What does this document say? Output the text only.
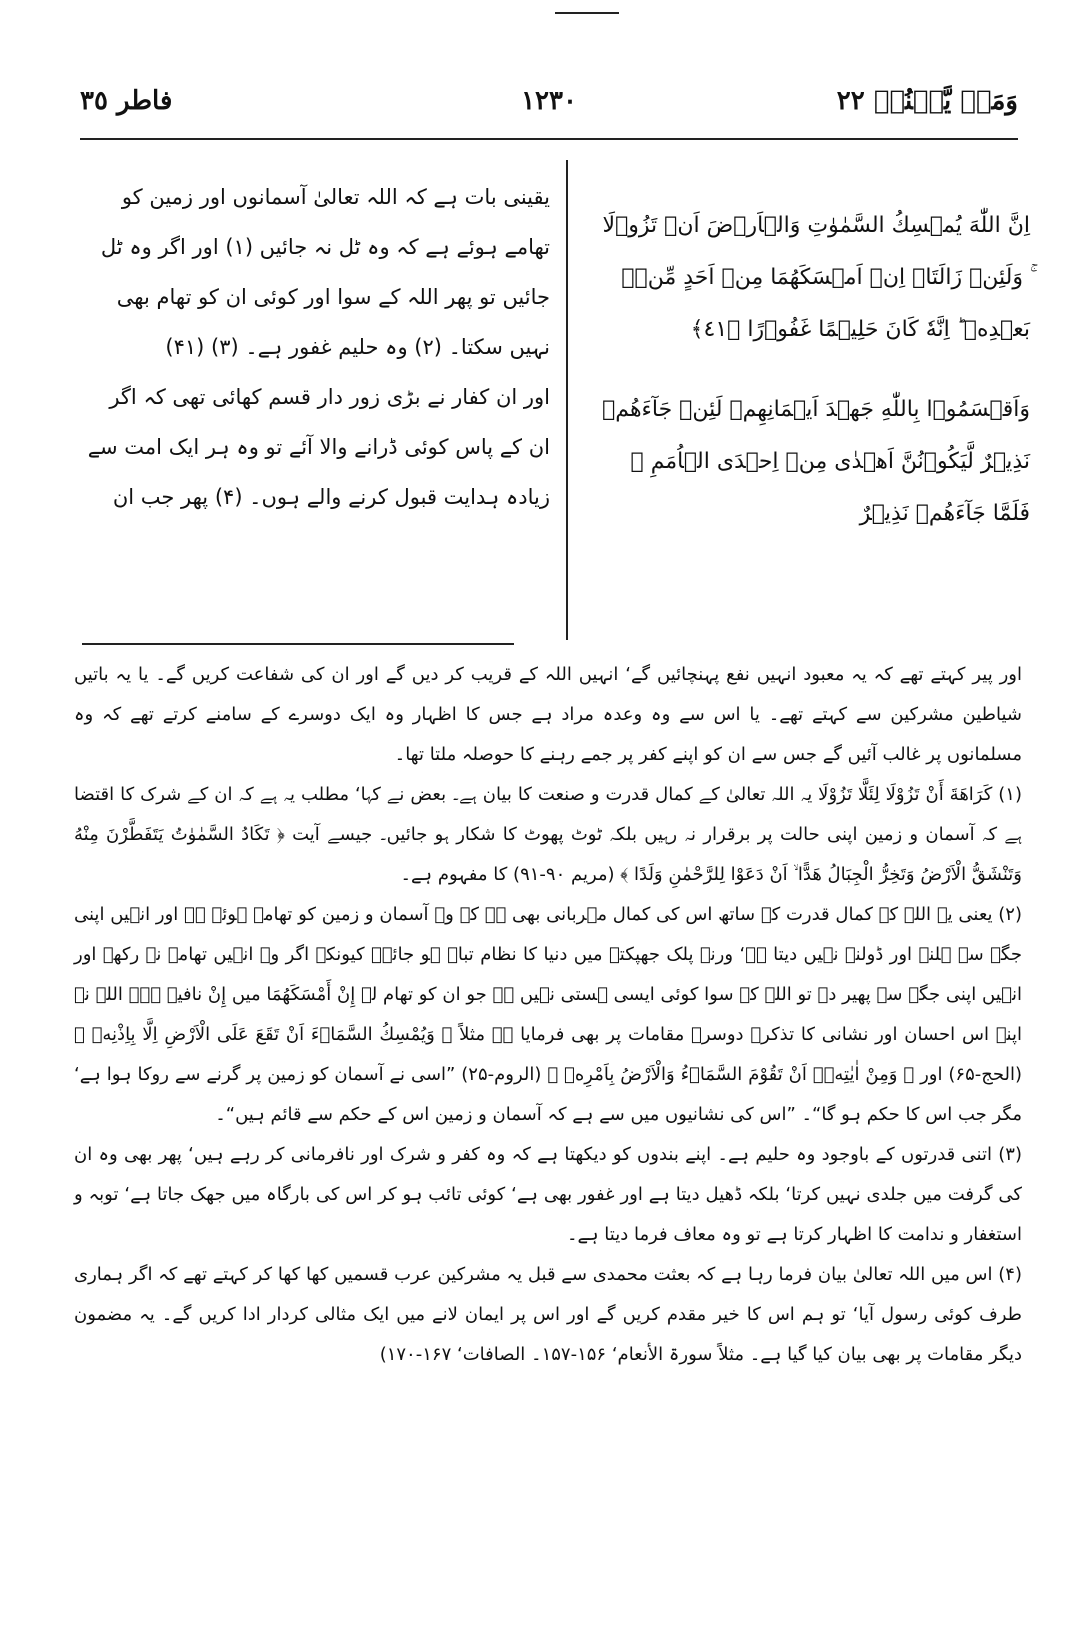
وَمَنۡ يَّقۡنُتۡ ٢٢
١٢٣٠
فاطر ٣٥

اِنَّ اللّٰهَ يُمۡسِكُ السَّمٰوٰتِ وَالۡاَرۡضَ اَنۡ تَزُوۡلَا ۚ وَلَئِنۡ زَالَتَاۤ اِنۡ اَمۡسَكَهُمَا مِنۡ اَحَدٍ مِّنۡۢ بَعۡدِهٖ ؕ اِنَّهٗ كَانَ حَلِيۡمًا غَفُوۡرًا ﴿٤١﴾

وَاَقۡسَمُوۡا بِاللّٰهِ جَهۡدَ اَيۡمَانِهِمۡ لَئِنۡ جَآءَهُمۡ نَذِيۡرٌ لَّيَكُوۡنُنَّ اَهۡدٰى مِنۡ اِحۡدَى الۡاُمَمِ ۚ فَلَمَّا جَآءَهُمۡ نَذِيۡرٌ

یقینی بات ہے کہ اللہ تعالیٰ آسمانوں اور زمین کو تھامے ہوئے ہے کہ وہ ٹل نہ جائیں (۱) اور اگر وہ ٹل جائیں تو پھر اللہ کے سوا اور کوئی ان کو تھام بھی نہیں سکتا۔ (۲) وہ حلیم غفور ہے۔ (۳) (۴۱)

اور ان کفار نے بڑی زور دار قسم کھائی تھی کہ اگر ان کے پاس کوئی ڈرانے والا آئے تو وہ ہر ایک امت سے زیادہ ہدایت قبول کرنے والے ہوں۔ (۴) پھر جب ان

اور پیر کہتے تھے کہ یہ معبود انہیں نفع پہنچائیں گے‘ انہیں اللہ کے قریب کر دیں گے اور ان کی شفاعت کریں گے۔ یا یہ باتیں شیاطین مشرکین سے کہتے تھے۔ یا اس سے وہ وعدہ مراد ہے جس کا اظہار وہ ایک دوسرے کے سامنے کرتے تھے کہ وہ مسلمانوں پر غالب آئیں گے جس سے ان کو اپنے کفر پر جمے رہنے کا حوصلہ ملتا تھا۔

(۱) كَرَاهَةَ أَنْ تَزُوْلَا لِئَلَّا تَزُوْلَا یہ اللہ تعالیٰ کے کمال قدرت و صنعت کا بیان ہے۔ بعض نے کہا‘ مطلب یہ ہے کہ ان کے شرک کا اقتضا ہے کہ آسمان و زمین اپنی حالت پر برقرار نہ رہیں بلکہ ٹوٹ پھوٹ کا شکار ہو جائیں۔ جیسے آیت ﴿ تَكَادُ السَّمٰوٰتُ يَتَفَطَّرْنَ مِنْهُ وَتَنْشَقُّ الْاَرْضُ وَتَخِرُّ الْجِبَالُ هَدًّا ۙ اَنْ دَعَوْا لِلرَّحْمٰنِ وَلَدًا ﴾ (مریم ۹۰-۹۱) کا مفہوم ہے۔

(۲) یعنی یہ اللہ کے کمال قدرت کے ساتھ اس کی کمال مہربانی بھی ہے کہ وہ آسمان و زمین کو تھامے ہوئے ہے اور انہیں اپنی جگہ سے ہلنے اور ڈولنے نہیں دیتا ہے‘ ورنہ پلک جھپکتے میں دنیا کا نظام تباہ ہو جائے۔ کیونکہ اگر وہ انہیں تھامے نہ رکھے اور انہیں اپنی جگہ سے پھیر دے تو اللہ کے سوا کوئی ایسی ہستی نہیں ہے جو ان کو تھام لے إِنْ أَمْسَكَهُمَا میں إِنْ نافیہ ہے۔ اللہ نے اپنے اس احسان اور نشانی کا تذکرہ دوسرے مقامات پر بھی فرمایا ہے مثلاً ﴿ وَيُمْسِكُ السَّمَاۤءَ اَنْ تَقَعَ عَلَى الْاَرْضِ اِلَّا بِاِذْنِهٖ ﴾ (الحج-۶۵) اور ﴿ وَمِنْ اٰيٰتِهٖۤ اَنْ تَقُوْمَ السَّمَاۤءُ وَالْاَرْضُ بِاَمْرِهٖ ﴾ (الروم-۲۵) ”اسی نے آسمان کو زمین پر گرنے سے روکا ہوا ہے‘ مگر جب اس کا حکم ہو گا“۔ ”اس کی نشانیوں میں سے ہے کہ آسمان و زمین اس کے حکم سے قائم ہیں“۔

(۳) اتنی قدرتوں کے باوجود وہ حلیم ہے۔ اپنے بندوں کو دیکھتا ہے کہ وہ کفر و شرک اور نافرمانی کر رہے ہیں‘ پھر بھی وہ ان کی گرفت میں جلدی نہیں کرتا‘ بلکہ ڈھیل دیتا ہے اور غفور بھی ہے‘ کوئی تائب ہو کر اس کی بارگاہ میں جھک جاتا ہے‘ توبہ و استغفار و ندامت کا اظہار کرتا ہے تو وہ معاف فرما دیتا ہے۔

(۴) اس میں اللہ تعالیٰ بیان فرما رہا ہے کہ بعثت محمدی سے قبل یہ مشرکین عرب قسمیں کھا کھا کر کہتے تھے کہ اگر ہماری طرف کوئی رسول آیا‘ تو ہم اس کا خیر مقدم کریں گے اور اس پر ایمان لانے میں ایک مثالی کردار ادا کریں گے۔ یہ مضمون دیگر مقامات پر بھی بیان کیا گیا ہے۔ مثلاً سورۃ الأنعام‘ ۱۵۶-۱۵۷۔ الصافات‘ ۱۶۷-۱۷۰)
